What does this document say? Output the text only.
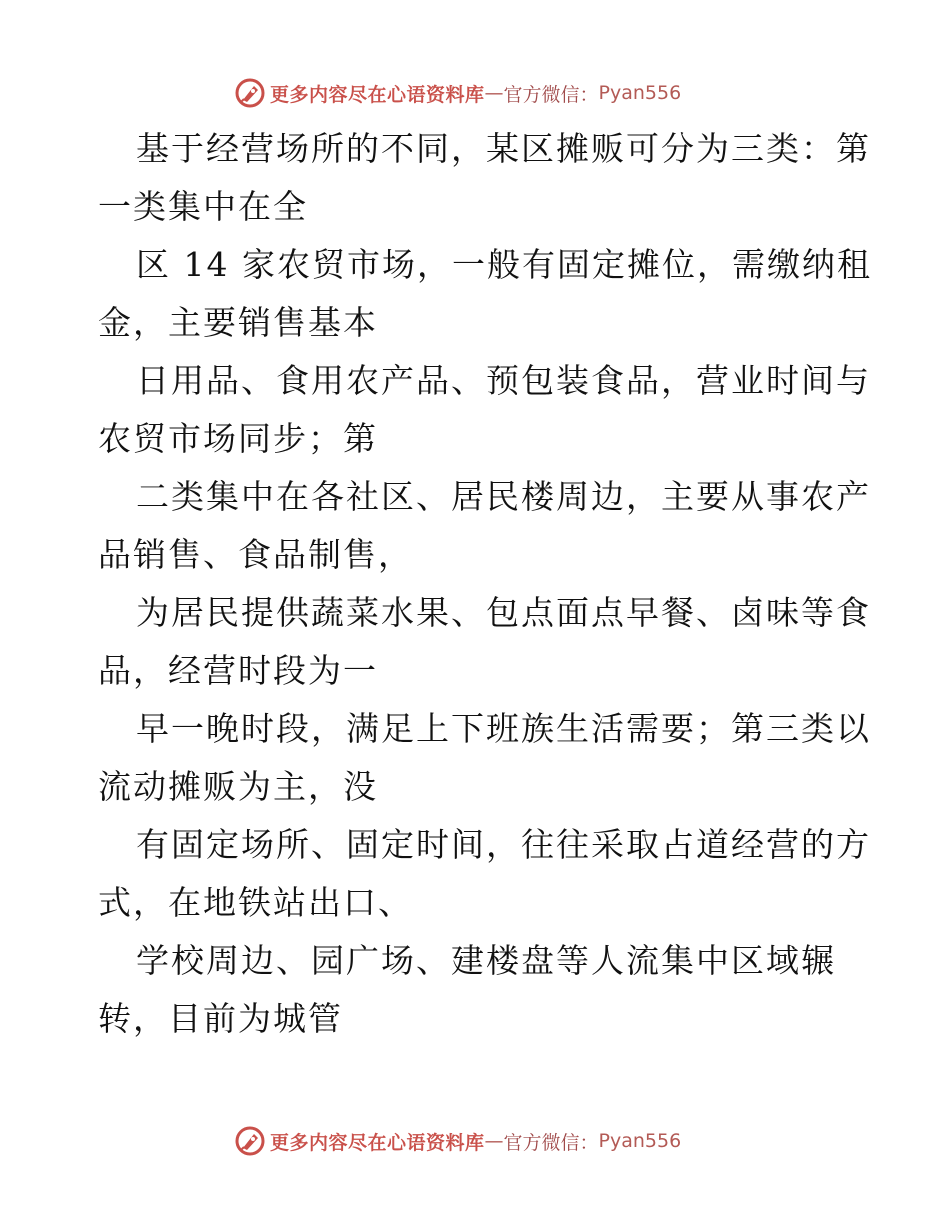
更多内容尽在心语资料库 — 官方微信： Pyan556

基于经营场所的不同，某区摊贩可分为三类：第
一类集中在全

区 14 家农贸市场，一般有固定摊位，需缴纳租
金，主要销售基本

日用品、食用农产品、预包装食品，营业时间与
农贸市场同步；第

二类集中在各社区、居民楼周边，主要从事农产
品销售、食品制售，

为居民提供蔬菜水果、包点面点早餐、卤味等食
品，经营时段为一

早一晚时段，满足上下班族生活需要；第三类以
流动摊贩为主，没

有固定场所、固定时间，往往采取占道经营的方
式，在地铁站出口、

学校周边、园广场、建楼盘等人流集中区域辗
转，目前为城管

更多内容尽在心语资料库 — 官方微信： Pyan556
